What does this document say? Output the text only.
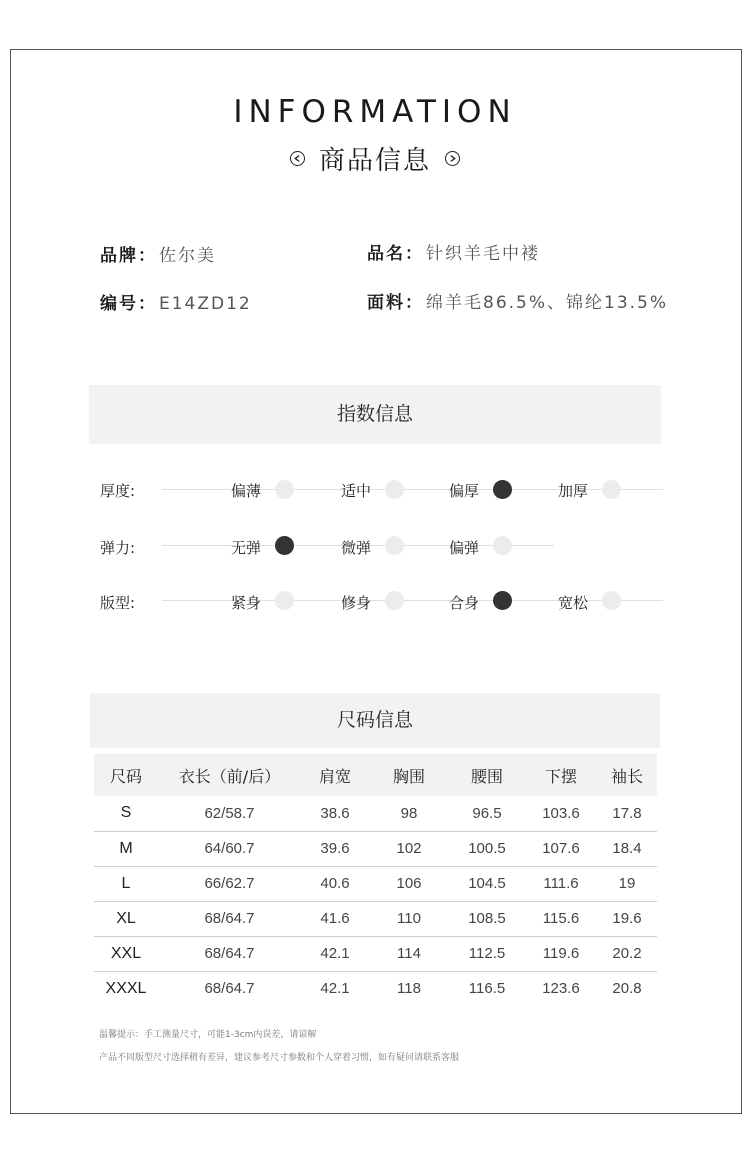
INFORMATION
商品信息
品牌： 佐尔美	品名： 针织羊毛中褛
编号： E14ZD12	面料： 绵羊毛86.5%、锦纶13.5%
指数信息
厚度:	偏薄	适中	偏厚	加厚
弹力:	无弹	微弹	偏弹
版型:	紧身	修身	合身	宽松
尺码信息
尺码	衣长（前/后）	肩宽	胸围	腰围	下摆	袖长
S	62/58.7	38.6	98	96.5	103.6	17.8
M	64/60.7	39.6	102	100.5	107.6	18.4
L	66/62.7	40.6	106	104.5	111.6	19
XL	68/64.7	41.6	110	108.5	115.6	19.6
XXL	68/64.7	42.1	114	112.5	119.6	20.2
XXXL	68/64.7	42.1	118	116.5	123.6	20.8
温馨提示：手工测量尺寸，可能1-3cm内误差，请谅解
产品不同版型尺寸选择稍有差异，建议参考尺寸参数和个人穿着习惯，如有疑问请联系客服
